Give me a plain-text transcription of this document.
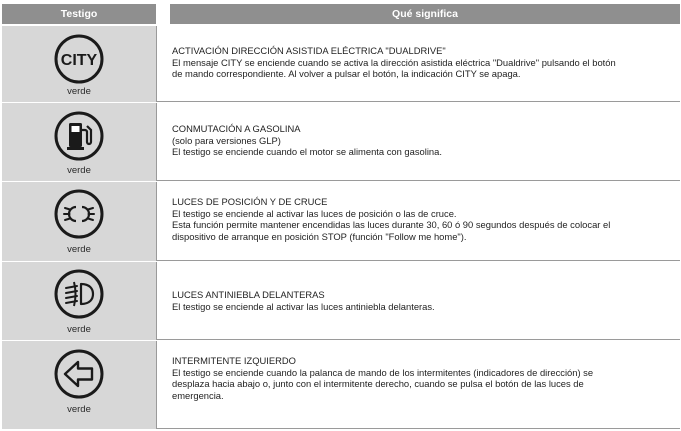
Testigo	Qué significa
CITY
verde
ACTIVACIÓN DIRECCIÓN ASISTIDA ELÉCTRICA "DUALDRIVE"
El mensaje CITY se enciende cuando se activa la dirección asistida eléctrica "Dualdrive" pulsando el botón
de mando correspondiente. Al volver a pulsar el botón, la indicación CITY se apaga.
verde
CONMUTACIÓN A GASOLINA
(solo para versiones GLP)
El testigo se enciende cuando el motor se alimenta con gasolina.
verde
LUCES DE POSICIÓN Y DE CRUCE
El testigo se enciende al activar las luces de posición o las de cruce.
Esta función permite mantener encendidas las luces durante 30, 60 ó 90 segundos después de colocar el
dispositivo de arranque en posición STOP (función "Follow me home").
verde
LUCES ANTINIEBLA DELANTERAS
El testigo se enciende al activar las luces antiniebla delanteras.
verde
INTERMITENTE IZQUIERDO
El testigo se enciende cuando la palanca de mando de los intermitentes (indicadores de dirección) se
desplaza hacia abajo o, junto con el intermitente derecho, cuando se pulsa el botón de las luces de
emergencia.
